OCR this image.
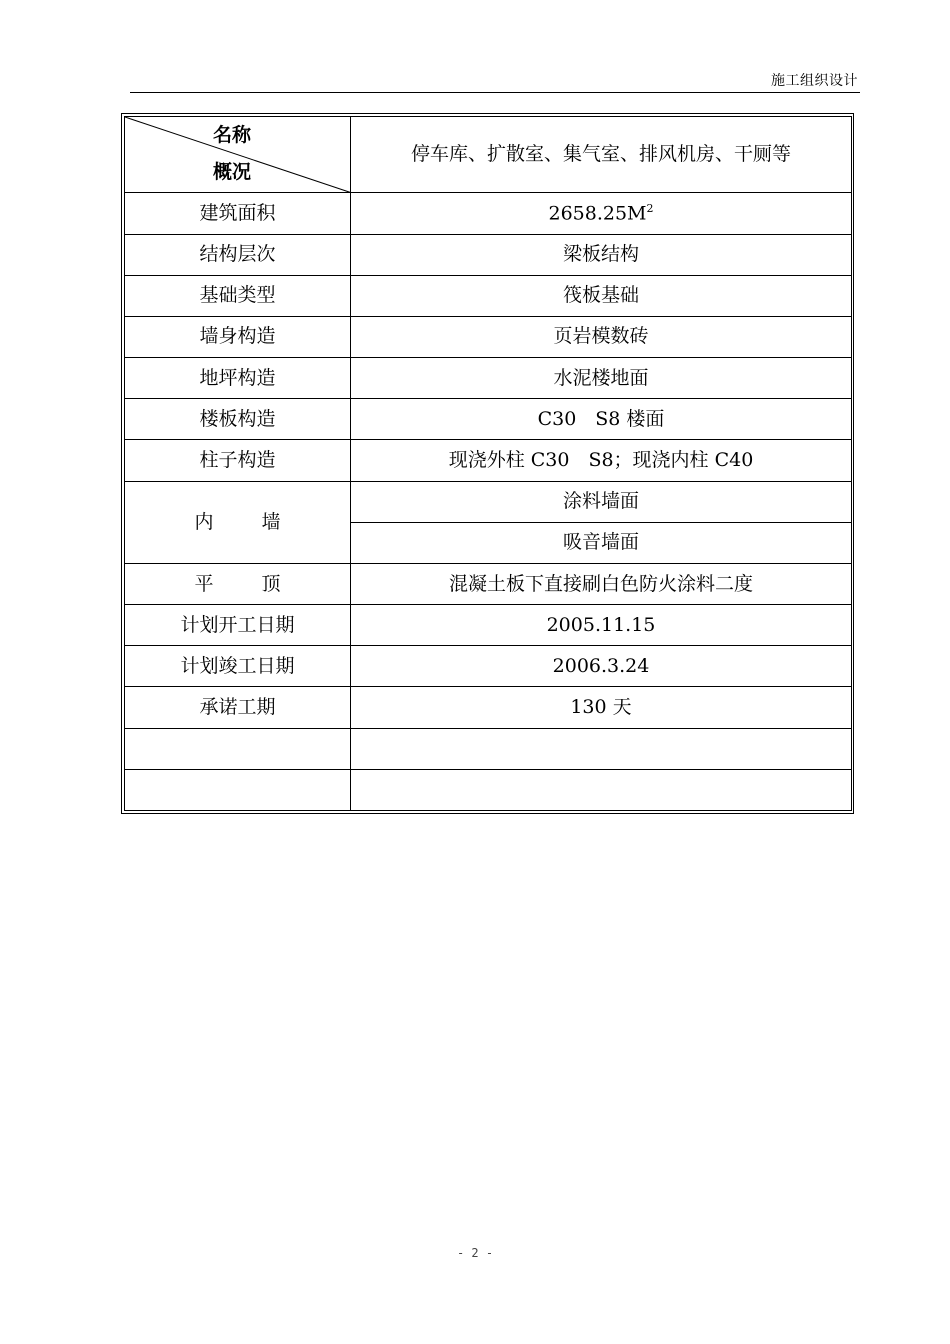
施工组织设计
名称
概况	停车库、扩散室、集气室、排风机房、干厕等
建筑面积	$2658.25M^2$
结构层次	梁板结构
基础类型	筏板基础
墙身构造	页岩模数砖
地坪构造	水泥楼地面
楼板构造	C30　S8 楼面
柱子构造	现浇外柱 C30　S8；现浇内柱 C40
内 墙	涂料墙面
	吸音墙面
平 顶	混凝土板下直接刷白色防火涂料二度
计划开工日期	2005.11.15
计划竣工日期	2006.3.24
承诺工期	130 天

- 2 -
